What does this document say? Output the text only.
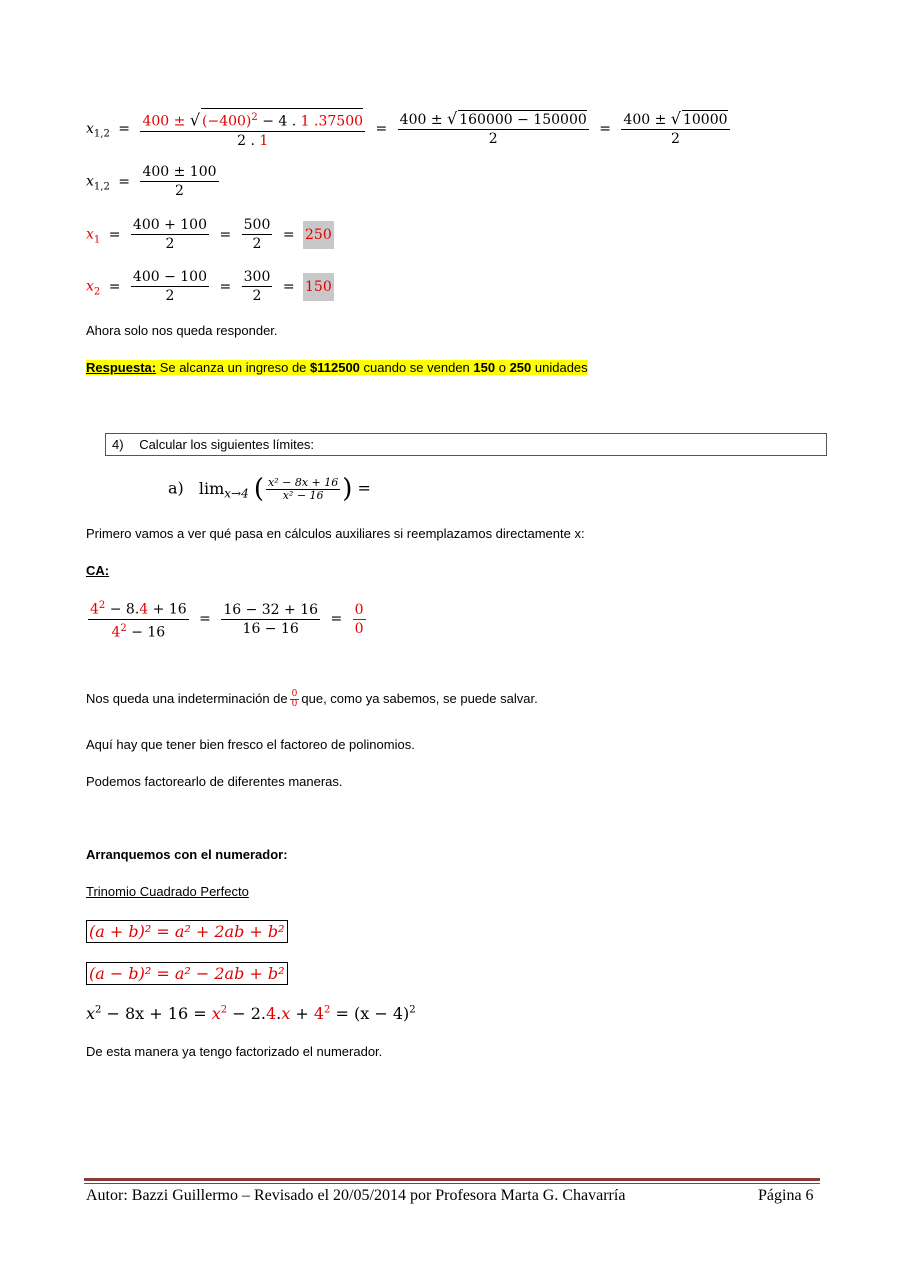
$x_{1,2} = \frac{400 \pm √ (-400)^2 - 4 . 1 .37500}{2 . 1} = \frac{400 \pm √ 160000 - 150000}{2} = \frac{400 \pm √ 10000}{2}$
$x_{1,2} = \frac{400 \pm 100}{2}$
$x_1 = \frac{400 + 100}{2} = \frac{500}{2} = 250$
$x_2 = \frac{400 - 100}{2} = \frac{300}{2} = 150$
Ahora solo nos queda responder.
Respuesta: Se alcanza un ingreso de $112500 cuando se venden 150 o 250 unidades
4) Calcular los siguientes límites:
a) $\lim_{x\to 4}$ ( $\frac{\text{x² − 8x + 16}}{\text{x² − 16}}$ ) =
Primero vamos a ver qué pasa en cálculos auxiliares si reemplazamos directamente x:
CA:
$\frac{4^2 - 8.4 + 16}{4^2 - 16} = \frac{16 - 32 + 16}{16 - 16} = \frac{0}{0}$
Nos queda una indeterminación de $\frac{0}{0}$ que, como ya sabemos, se puede salvar.
Aquí hay que tener bien fresco el factoreo de polinomios.
Podemos factorearlo de diferentes maneras.
Arranquemos con el numerador:
Trinomio Cuadrado Perfecto
(a + b)² = a² + 2ab + b²
(a − b)² = a² − 2ab + b²
$x^2 - 8x + 16 = x^2 - 2.4.x + 4^2 = (x - 4)^2$
De esta manera ya tengo factorizado el numerador.
Autor: Bazzi Guillermo – Revisado el 20/05/2014 por Profesora Marta G. Chavarría	Página 6
